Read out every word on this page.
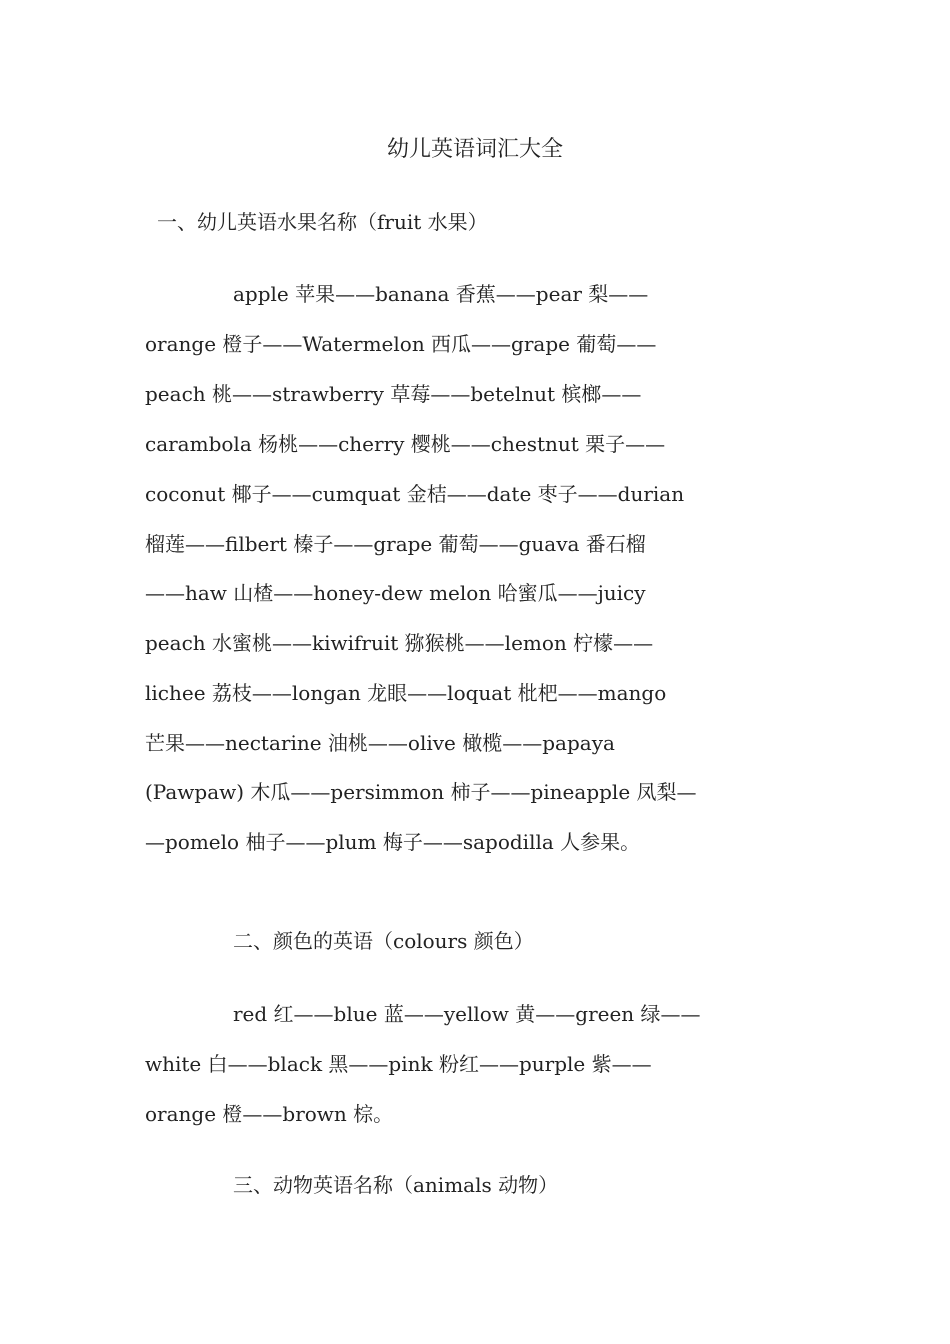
幼儿英语词汇大全
一、幼儿英语水果名称（fruit 水果）
apple 苹果——banana 香蕉——pear 梨——
orange 橙子——Watermelon 西瓜——grape 葡萄——
peach 桃——strawberry 草莓——betelnut 槟榔——
carambola 杨桃——cherry 樱桃——chestnut 栗子——
coconut 椰子——cumquat 金桔——date 枣子——durian
榴莲——filbert 榛子——grape 葡萄——guava 番石榴
——haw 山楂——honey-dew melon 哈蜜瓜——juicy
peach 水蜜桃——kiwifruit 猕猴桃——lemon 柠檬——
lichee 荔枝——longan 龙眼——loquat 枇杷——mango
芒果——nectarine 油桃——olive 橄榄——papaya
(Pawpaw) 木瓜——persimmon 柿子——pineapple 凤梨—
—pomelo 柚子——plum 梅子——sapodilla 人参果。
二、颜色的英语（colours 颜色）
red 红——blue 蓝——yellow 黄——green 绿——
white 白——black 黑——pink 粉红——purple 紫——
orange 橙——brown 棕。
三、动物英语名称（animals 动物）
